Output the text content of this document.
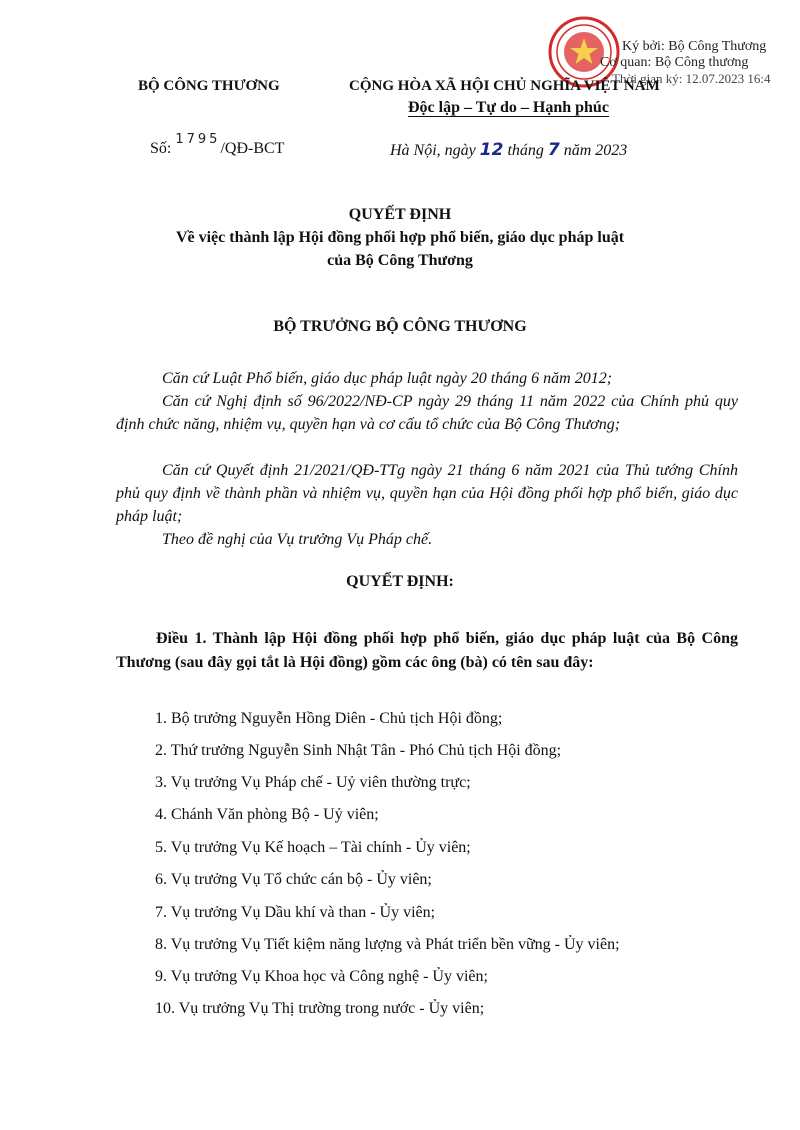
Ký bởi: Bộ Công Thương
Cơ quan: Bộ Công thương
Thời gian ký: 12.07.2023 16:4
BỘ CÔNG THƯƠNG	CỘNG HÒA XÃ HỘI CHỦ NGHĨA VIỆT NAM
Độc lập – Tự do – Hạnh phúc
Số: $^{1795}$/QĐ-BCT	Hà Nội, ngày 12 tháng 7 năm 2023
QUYẾT ĐỊNH
Về việc thành lập Hội đồng phối hợp phổ biến, giáo dục pháp luật
của Bộ Công Thương
BỘ TRƯỞNG BỘ CÔNG THƯƠNG
Căn cứ Luật Phổ biến, giáo dục pháp luật ngày 20 tháng 6 năm 2012;
Căn cứ Nghị định số 96/2022/NĐ-CP ngày 29 tháng 11 năm 2022 của Chính phủ quy định chức năng, nhiệm vụ, quyền hạn và cơ cấu tổ chức của Bộ Công Thương;
Căn cứ Quyết định 21/2021/QĐ-TTg ngày 21 tháng 6 năm 2021 của Thủ tướng Chính phủ quy định về thành phần và nhiệm vụ, quyền hạn của Hội đồng phối hợp phổ biến, giáo dục pháp luật;
Theo đề nghị của Vụ trưởng Vụ Pháp chế.
QUYẾT ĐỊNH:
Điều 1. Thành lập Hội đồng phối hợp phổ biến, giáo dục pháp luật của Bộ Công Thương (sau đây gọi tắt là Hội đồng) gồm các ông (bà) có tên sau đây:
1. Bộ trưởng Nguyễn Hồng Diên - Chủ tịch Hội đồng;
2. Thứ trưởng Nguyễn Sinh Nhật Tân - Phó Chủ tịch Hội đồng;
3. Vụ trưởng Vụ Pháp chế - Uỷ viên thường trực;
4. Chánh Văn phòng Bộ - Uỷ viên;
5. Vụ trưởng Vụ Kế hoạch – Tài chính - Ủy viên;
6. Vụ trưởng Vụ Tổ chức cán bộ - Ủy viên;
7. Vụ trưởng Vụ Dầu khí và than - Ủy viên;
8. Vụ trưởng Vụ Tiết kiệm năng lượng và Phát triển bền vững - Ủy viên;
9. Vụ trưởng Vụ Khoa học và Công nghệ - Ủy viên;
10. Vụ trưởng Vụ Thị trường trong nước - Ủy viên;
